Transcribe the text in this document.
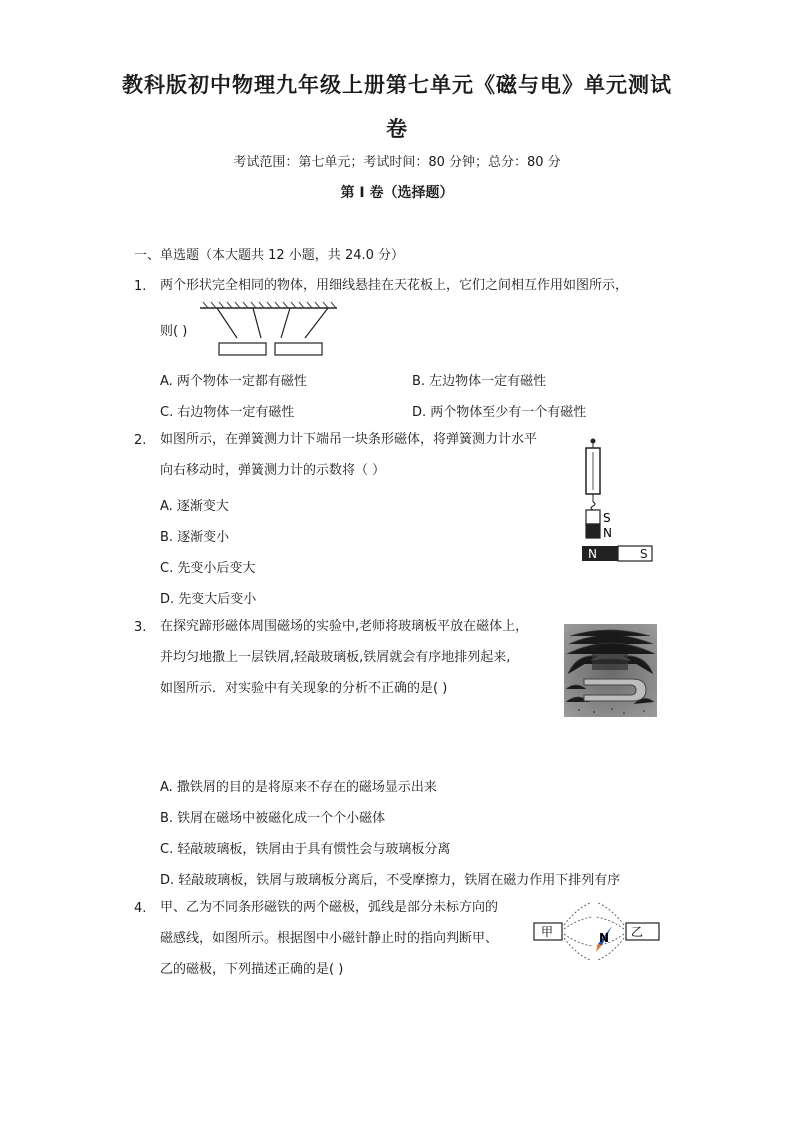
教科版初中物理九年级上册第七单元《磁与电》单元测试
卷
考试范围：第七单元；考试时间：80 分钟；总分：80 分
第 I 卷（选择题）
一、单选题（本大题共 12 小题，共 24.0 分）
1. 两个形状完全相同的物体，用细线悬挂在天花板上，它们之间相互作用如图所示，
则( )
A. 两个物体一定都有磁性	B. 左边物体一定有磁性
C. 右边物体一定有磁性	D. 两个物体至少有一个有磁性
2. 如图所示，在弹簧测力计下端吊一块条形磁体，将弹簧测力计水平
向右移动时，弹簧测力计的示数将（ ）
S
N
N	S
A. 逐渐变大
B. 逐渐变小
C. 先变小后变大
D. 先变大后变小
3. 在探究蹄形磁体周围磁场的实验中,老师将玻璃板平放在磁体上，
并均匀地撒上一层铁屑,轻敲玻璃板,铁屑就会有序地排列起来,
如图所示．对实验中有关现象的分析不正确的是( )
A. 撒铁屑的目的是将原来不存在的磁场显示出来
B. 铁屑在磁场中被磁化成一个个小磁体
C. 轻敲玻璃板，铁屑由于具有惯性会与玻璃板分离
D. 轻敲玻璃板，铁屑与玻璃板分离后，不受摩擦力，铁屑在磁力作用下排列有序
4. 甲、乙为不同条形磁铁的两个磁极，弧线是部分未标方向的
磁感线，如图所示。根据图中小磁针静止时的指向判断甲、
乙的磁极，下列描述正确的是( )
甲	乙
N
